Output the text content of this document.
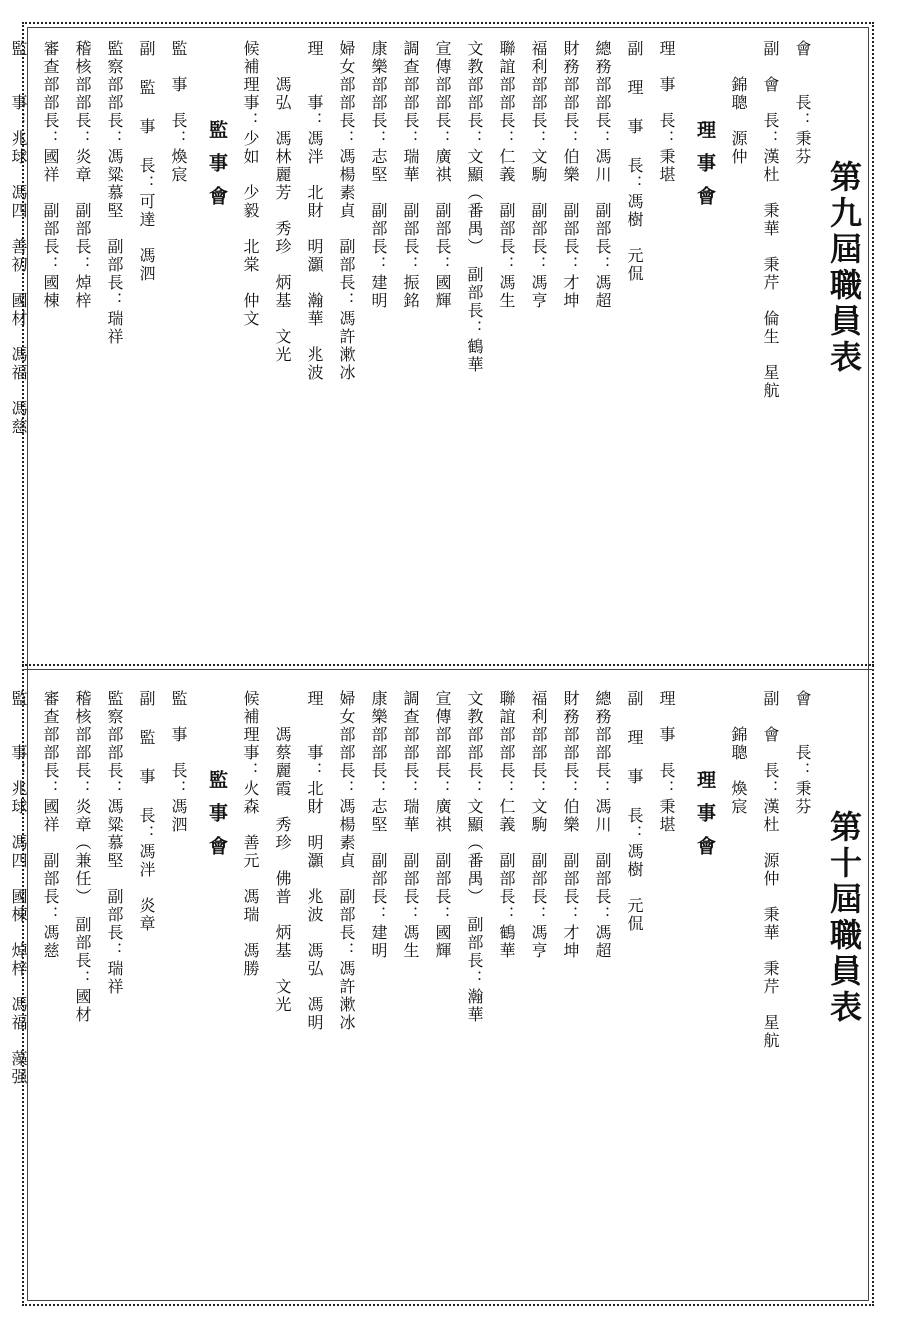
第九屆職員表
會　　長：秉芬
副　會　長：漢杜　秉華　秉芹　倫生　星航
　　錦聰　源仲
理事會
理　事　長：秉堪
副 理 事 長：馮樹　元侃
總務部部長：馮川　副部長：馮超
財務部部長：伯樂　副部長：才坤
福利部部長：文駒　副部長：馮亨
聯誼部部長：仁義　副部長：馮生
文教部部長：文顯（番禺）　副部長：鶴華
宣傳部部長：廣祺　副部長：國輝
調查部部長：瑞華　副部長：振銘
康樂部部長：志堅　副部長：建明
婦女部部長：馮楊素貞　副部長：馮許漱冰
理　　事：馮泮　北財　明灝　瀚華　兆波
　　馮弘　馮林麗芳　秀珍　炳基　文光
候補理事：少如　少毅　北棠　仲文
監事會
監　事　長：煥宸
副 監 事 長：可達　馮泗
監察部部長：馮粱慕堅　副部長：瑞祥
稽核部部長：炎章　副部長：焯梓
審查部部長：國祥　副部長：國棟
監　　事：兆球　馮四　善初　國材　馮福　馮慈
第十屆職員表
會　　長：秉芬
副　會　長：漢杜　源仲　秉華　秉芹　星航
　　錦聰　煥宸
理事會
理　事　長：秉堪
副 理 事 長：馮樹　元侃
總務部部長：馮川　副部長：馮超
財務部部長：伯樂　副部長：才坤
福利部部長：文駒　副部長：馮亨
聯誼部部長：仁義　副部長：鶴華
文教部部長：文顯（番禺）　副部長：瀚華
宣傳部部長：廣祺　副部長：國輝
調查部部長：瑞華　副部長：馮生
康樂部部長：志堅　副部長：建明
婦女部部長：馮楊素貞　副部長：馮許漱冰
理　　事：北財　明灝　兆波　馮弘　馮明
　　馮蔡麗霞　秀珍　佛普　炳基　文光
候補理事：火森　善元　馮瑞　馮勝
監事會
監　事　長：馮泗
副 監 事 長：馮泮　炎章
監察部部長：馮粱慕堅　副部長：瑞祥
稽核部部長：炎章（兼任）　副部長：國材
審查部部長：國祥　副部長：馮慈
監　　事：兆球　馮四　國棟　焯梓　馮福　藻强
